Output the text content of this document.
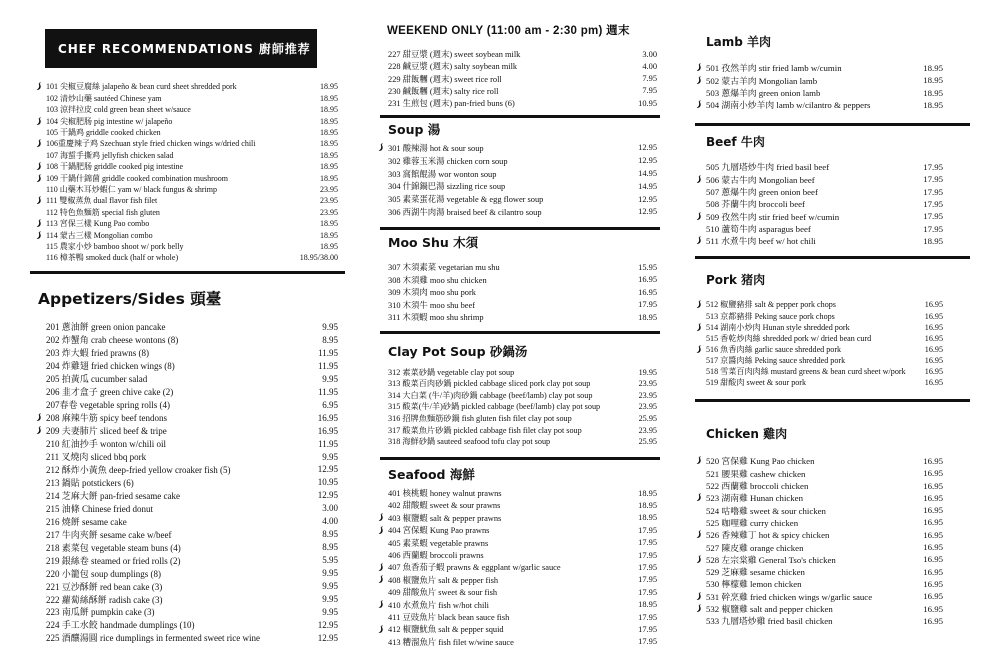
CHEF RECOMMENDATIONS 廚師推荐
101 尖椒豆腐絲 jalapeño & bean curd sheet shredded pork	18.95
102 清炒山藥 sautéed Chinese yam	18.95
103 涼拌拉皮 cold green bean sheet w/sauce	18.95
104 尖椒肥肠 pig intestine w/ jalapeño	18.95
105 干鍋鸡 griddle cooked chicken	18.95
106重慶辣子鸡 Szechuan style fried chicken wings w/dried chili	18.95
107 海蜇手撕鸡 jellyfish chicken salad	18.95
108 干鍋肥肠 griddle cooked pig intestine	18.95
109 干鍋什錦菌 griddle cooked combination mushroom	18.95
110 山藥木耳炒蝦仁 yam w/ black fungus & shrimp	23.95
111 雙椒蒸魚 dual flavor fish filet	23.95
112 特色魚麵筋 special fish gluten	23.95
113 宮保三樣 Kung Pao combo	18.95
114 蒙古三樣 Mongolian combo	18.95
115 農家小炒 bamboo shoot w/ pork belly	18.95
116 樟茶鴨 smoked duck (half or whole)	18.95/38.00
Appetizers/Sides 頭臺
201 蔥油餅 green onion pancake	9.95
202 炸蟹角 crab cheese wontons (8)	8.95
203 炸大蝦 fried prawns (8)	11.95
204 炸雞翅 fried chicken wings (8)	11.95
205 拍黃瓜 cucumber salad	9.95
206 韭才盒子 green chive cake (2)	11.95
207春卷 vegetable spring rolls (4)	6.95
208 麻辣牛筋 spicy beef tendons	16.95
209 夫妻肺片 sliced beef & tripe	16.95
210 紅油抄手 wonton w/chili oil	11.95
211 叉燒肉 sliced bbq pork	9.95
212 酥炸小黃魚 deep-fried yellow croaker fish (5)	12.95
213 鍋貼 potstickers (6)	10.95
214 芝麻大餅 pan-fried sesame cake	12.95
215 油條 Chinese fried donut	3.00
216 燒餅 sesame cake	4.00
217 牛肉夾餅 sesame cake w/beef	8.95
218 素菜包 vegetable steam buns (4)	8.95
219 銀絲卷 steamed or fried rolls (2)	5.95
220 小籠包 soup dumplings (8)	9.95
221 豆沙酥餅 red bean cake (3)	9.95
222 蘿蔔絲酥餅 radish cake (3)	9.95
223 南瓜餅 pumpkin cake (3)	9.95
224 手工水餃 handmade dumplings (10)	12.95
225 酒釀湯圓 rice dumplings in fermented sweet rice wine	12.95
WEEKEND ONLY (11:00 am - 2:30 pm) 週末
227 甜豆漿 (週末) sweet soybean milk	3.00
228 鹹豆漿 (週末) salty soybean milk	4.00
229 甜飯糰 (週末) sweet rice roll	7.95
230 鹹飯糰 (週末) salty rice roll	7.95
231 生煎包 (週末) pan-fried buns (6)	10.95
Soup 湯
301 酸辣湯 hot & sour soup	12.95
302 雞蓉玉米湯 chicken corn soup	12.95
303 窩館餛湯 wor wonton soup	14.95
304 什錦鍋巴湯 sizzling rice soup	14.95
305 素菜蛋花湯 vegetable & egg flower soup	12.95
306 西湖牛肉湯 braised beef & cilantro soup	12.95
Moo Shu 木須
307 木須素菜 vegetarian mu shu	15.95
308 木須雞 moo shu chicken	16.95
309 木須肉 moo shu pork	16.95
310 木須牛 moo shu beef	17.95
311 木須蝦 moo shu shrimp	18.95
Clay Pot Soup 砂鍋汤
312 素菜砂鍋 vegetable clay pot soup	19.95
313 酸菜百肉砂鍋 pickled cabbage sliced pork clay pot soup	23.95
314 大白菜 (牛/羊)肉砂鍋 cabbage (beef/lamb) clay pot soup	23.95
315 酸菜(牛/羊)砂鍋 pickled cabbage (beef/lamb) clay pot soup	23.95
316 招牌魚麵筋砂鍋 fish gluten fish filet clay pot soup	25.95
317 酸菜魚片砂鍋 pickled cabbage fish filet clay pot soup	23.95
318 海鮮砂鍋 sauteed seafood tofu clay pot soup	25.95
Seafood 海鮮
401 核桃蝦 honey walnut prawns	18.95
402 甜酸蝦 sweet & sour prawns	18.95
403 椒鹽蝦 salt & pepper prawns	18.95
404 宮保蝦 Kung Pao prawns	17.95
405 素菜蝦 vegetable prawns	17.95
406 西蘭蝦 broccoli prawns	17.95
407 魚香茄子蝦 prawns & eggplant w/garlic sauce	17.95
408 椒鹽魚片 salt & pepper fish	17.95
409 甜酸魚片 sweet & sour fish	17.95
410 水煮魚片 fish w/hot chili	18.95
411 豆豉魚片 black bean sauce fish	17.95
412 椒鹽魷魚 salt & pepper squid	17.95
413 糟溜魚片 fish filet w/wine sauce	17.95
Lamb 羊肉
501 孜然羊肉 stir fried lamb w/cumin	18.95
502 蒙古羊肉 Mongolian lamb	18.95
503 蔥爆羊肉 green onion lamb	18.95
504 湖南小炒羊肉 lamb w/cilantro & peppers	18.95
Beef 牛肉
505 九層塔炒牛肉 fried basil beef	17.95
506 蒙古牛肉 Mongolian beef	17.95
507 蔥爆牛肉 green onion beef	17.95
508 芥蘭牛肉 broccoli beef	17.95
509 孜然牛肉 stir fried beef w/cumin	17.95
510 蘆筍牛肉 asparagus beef	17.95
511 水煮牛肉 beef w/ hot chili	18.95
Pork 猪肉
512 椒鹽豬排 salt & pepper pork chops	16.95
513 京都豬排 Peking sauce pork chops	16.95
514 湖南小炒肉 Hunan style shredded pork	16.95
515 香乾炒肉絲 shredded pork w/ dried bean curd	16.95
516 魚香肉絲 garlic sauce shredded pork	16.95
517 京醬肉絲 Peking sauce shredded pork	16.95
518 雪菜百肉肉絲 mustard greens & bean curd sheet w/pork	16.95
519 甜酸肉 sweet & sour pork	16.95
Chicken 雞肉
520 宮保雞 Kung Pao chicken	16.95
521 腰果雞 cashew chicken	16.95
522 西蘭雞 broccoli chicken	16.95
523 湖南雞 Hunan chicken	16.95
524 咕嚕雞 sweet & sour chicken	16.95
525 咖哩雞 curry chicken	16.95
526 香辣雞丁 hot & spicy chicken	16.95
527 陳皮雞 orange chicken	16.95
528 左宗棠雞 General Tso's chicken	16.95
529 芝麻雞 sesame chicken	16.95
530 檸檬雞 lemon chicken	16.95
531 幹烹雞 fried chicken wings w/garlic sauce	16.95
532 椒鹽雞 salt and pepper chicken	16.95
533 九層塔炒雞 fried basil chicken	16.95
